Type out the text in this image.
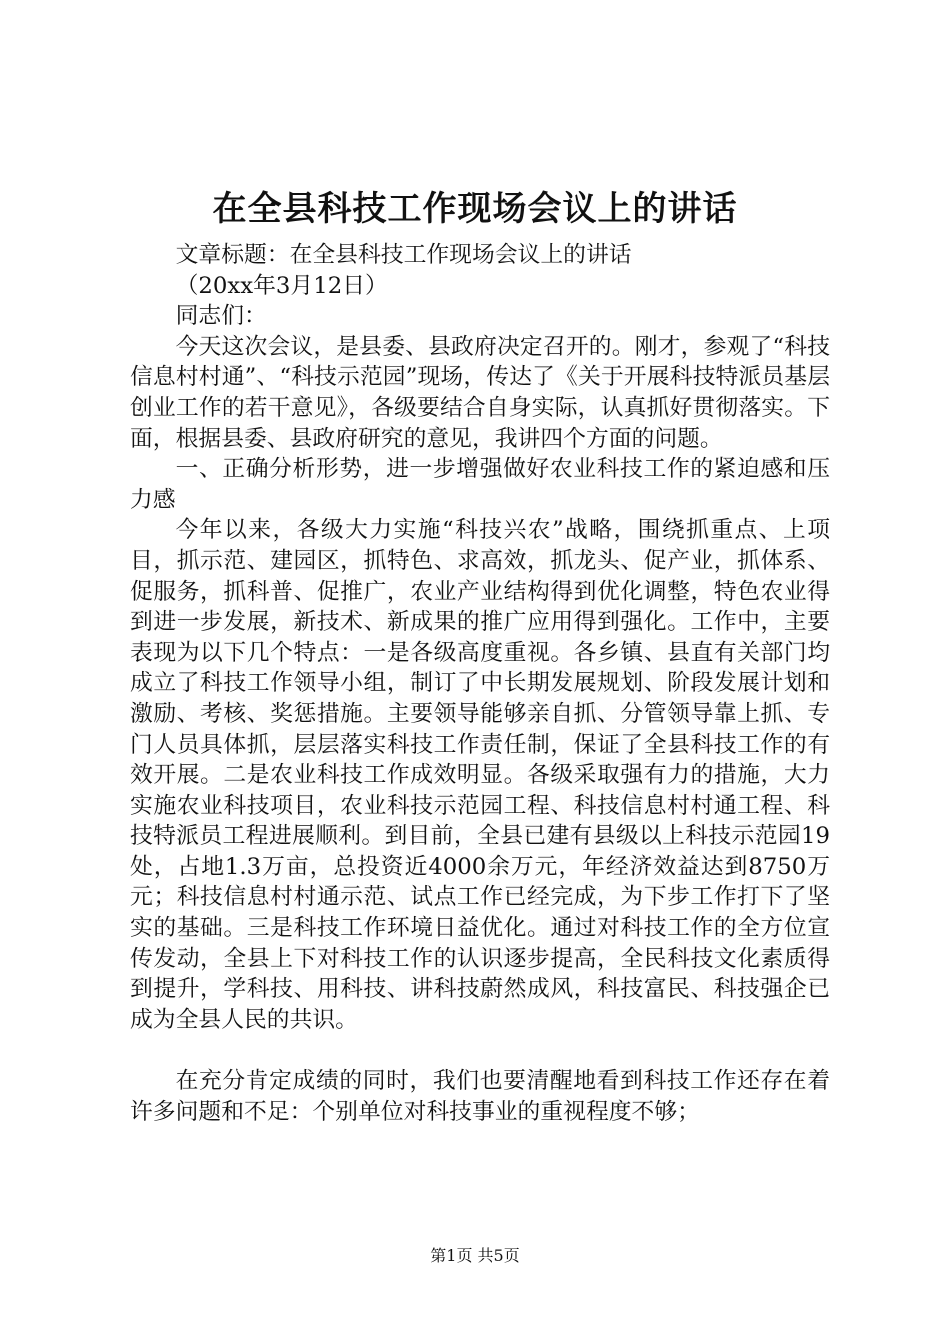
在全县科技工作现场会议上的讲话

文章标题：在全县科技工作现场会议上的讲话

（20xx年3月12日）

同志们：

今天这次会议，是县委、县政府决定召开的。刚才，参观了“科技信息村村通”、“科技示范园”现场，传达了《关于开展科技特派员基层创业工作的若干意见》，各级要结合自身实际，认真抓好贯彻落实。下面，根据县委、县政府研究的意见，我讲四个方面的问题。

一、正确分析形势，进一步增强做好农业科技工作的紧迫感和压力感

今年以来，各级大力实施“科技兴农”战略，围绕抓重点、上项目，抓示范、建园区，抓特色、求高效，抓龙头、促产业，抓体系、促服务，抓科普、促推广，农业产业结构得到优化调整，特色农业得到进一步发展，新技术、新成果的推广应用得到强化。工作中，主要表现为以下几个特点：一是各级高度重视。各乡镇、县直有关部门均成立了科技工作领导小组，制订了中长期发展规划、阶段发展计划和激励、考核、奖惩措施。主要领导能够亲自抓、分管领导靠上抓、专门人员具体抓，层层落实科技工作责任制，保证了全县科技工作的有效开展。二是农业科技工作成效明显。各级采取强有力的措施，大力实施农业科技项目，农业科技示范园工程、科技信息村村通工程、科技特派员工程进展顺利。到目前，全县已建有县级以上科技示范园19处，占地1.3万亩，总投资近4000余万元，年经济效益达到8750万元；科技信息村村通示范、试点工作已经完成，为下步工作打下了坚实的基础。三是科技工作环境日益优化。通过对科技工作的全方位宣传发动，全县上下对科技工作的认识逐步提高，全民科技文化素质得到提升，学科技、用科技、讲科技蔚然成风，科技富民、科技强企已成为全县人民的共识。

在充分肯定成绩的同时，我们也要清醒地看到科技工作还存在着许多问题和不足：个别单位对科技事业的重视程度不够；

第1页 共5页
